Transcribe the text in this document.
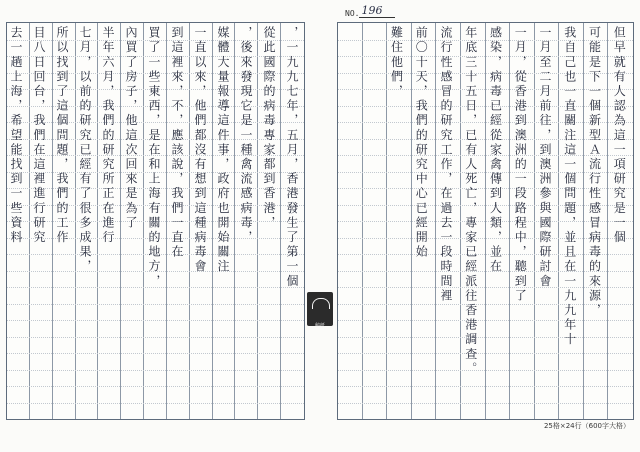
NO. 196
稿紙
25格×24行（600字大格）
但早就有人認為這一項研究是一個
可能是下一個新型Ａ流行性感冒病毒的來源，
我自己也一直關注這一個問題，並且在一九九年十
一月至二月前往，到澳洲參與國際研討會
一月，從香港到澳洲的一段路程中，聽到了
感染，病毒已經從家禽傳到人類，並在
年底三十五日，已有人死亡，專家已經派往香港調查。
流行性感冒的研究工作，在過去一段時間裡
前〇十天，我們的研究中心已經開始
難住他們，
，一九九七年，五月，香港發生了第一個
從此國際的病毒專家都到香港，
，後來發現它是一種禽流感病毒，
媒體大量報導這件事，政府也開始關注
一直以來，他們都沒有想到這種病毒會
到這裡來，不，應該說，我們一直在
買了一些東西，是在和上海有關的地方，
內買了房子，他這次回來是為了
半年六月，我們的研究所正在進行
七月，以前的研究已經有了很多成果，
所以找到了這個問題，我們的工作
目八日回台，我們在這裡進行研究
去一趟上海，希望能找到一些資料
